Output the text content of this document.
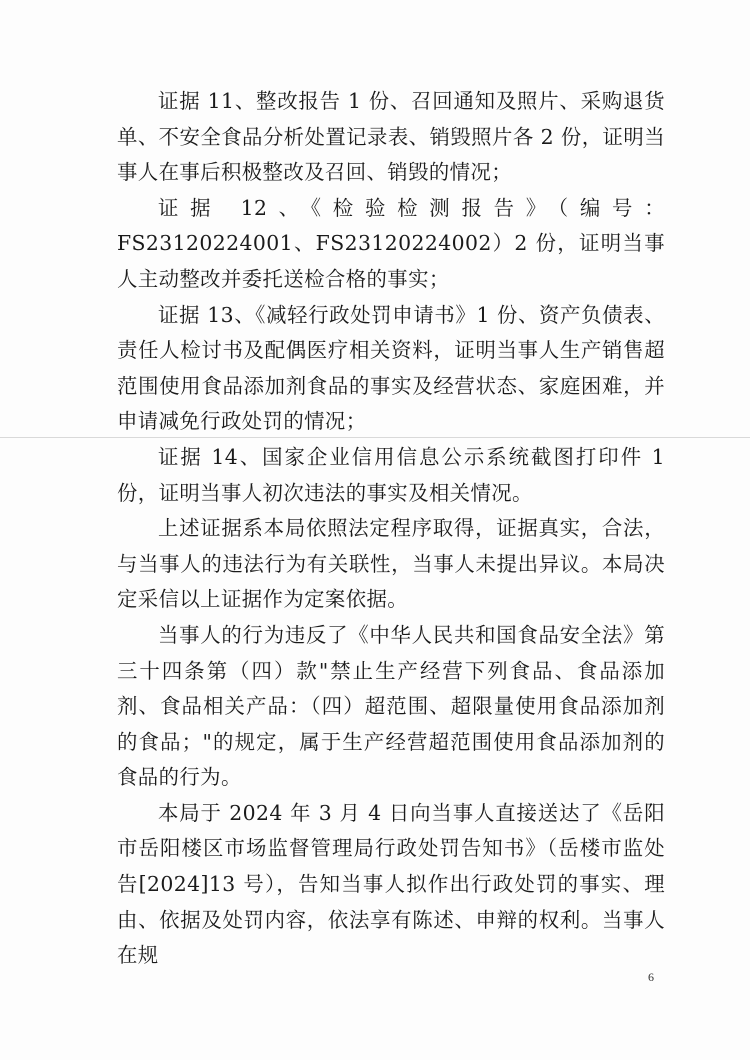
证据 11、整改报告 1 份、召回通知及照片、采购退货单、不安全食品分析处置记录表、销毁照片各 2 份，证明当事人在事后积极整改及召回、销毁的情况；

证据 12、《检验检测报告》（编号：FS23120224001、FS23120224002）2 份，证明当事人主动整改并委托送检合格的事实；

证据 13、《减轻行政处罚申请书》1 份、资产负债表、责任人检讨书及配偶医疗相关资料，证明当事人生产销售超范围使用食品添加剂食品的事实及经营状态、家庭困难，并申请减免行政处罚的情况；

证据 14、国家企业信用信息公示系统截图打印件 1 份，证明当事人初次违法的事实及相关情况。

上述证据系本局依照法定程序取得，证据真实，合法，与当事人的违法行为有关联性，当事人未提出异议。本局决定采信以上证据作为定案依据。

当事人的行为违反了《中华人民共和国食品安全法》第三十四条第（四）款"禁止生产经营下列食品、食品添加剂、食品相关产品：（四）超范围、超限量使用食品添加剂的食品；"的规定，属于生产经营超范围使用食品添加剂的食品的行为。

本局于 2024 年 3 月 4 日向当事人直接送达了《岳阳市岳阳楼区市场监督管理局行政处罚告知书》（岳楼市监处告[2024]13 号），告知当事人拟作出行政处罚的事实、理由、依据及处罚内容，依法享有陈述、申辩的权利。当事人在规

6
